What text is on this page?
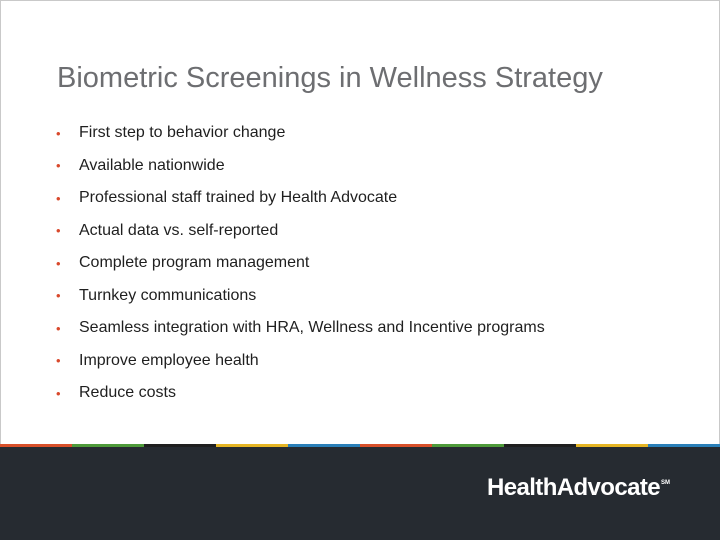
Biometric Screenings in Wellness Strategy
•	First step to behavior change
•	Available nationwide
•	Professional staff trained by Health Advocate
•	Actual data vs. self-reported
•	Complete program management
•	Turnkey communications
•	Seamless integration with HRA, Wellness and Incentive programs
•	Improve employee health
•	Reduce costs
HealthAdvocate℠
